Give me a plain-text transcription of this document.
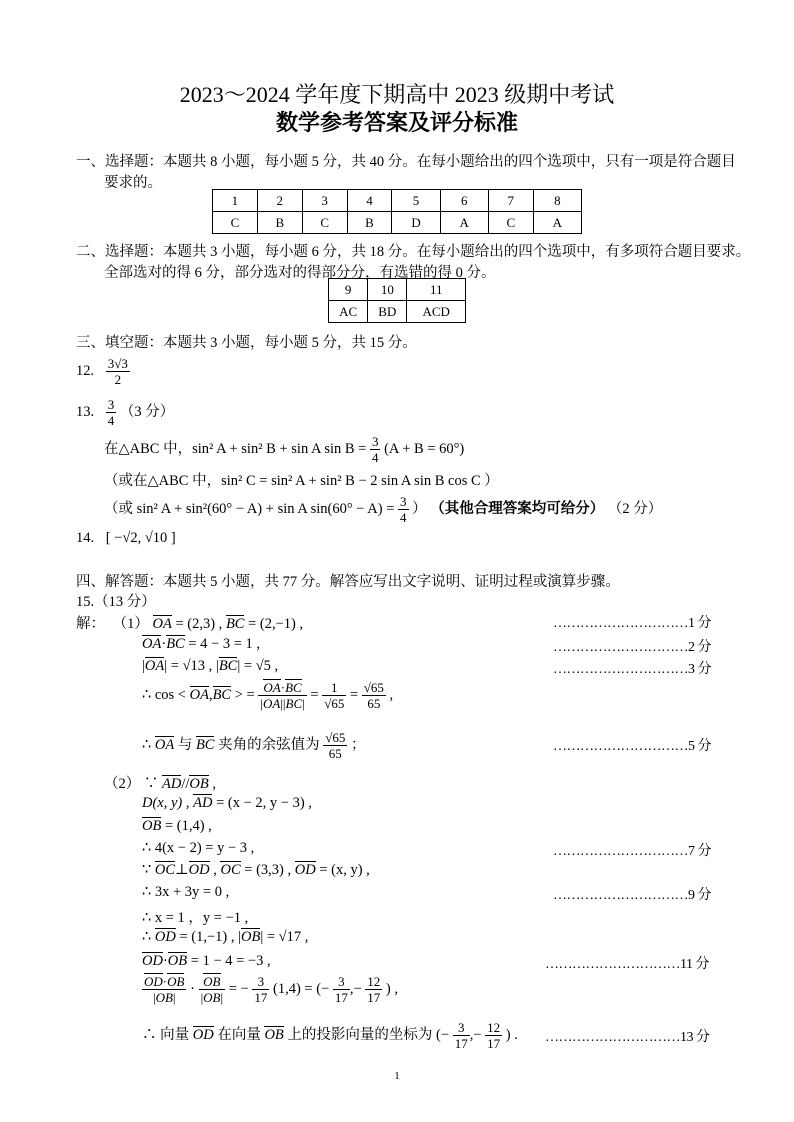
2023～2024 学年度下期高中 2023 级期中考试
数学参考答案及评分标准
一、选择题：本题共 8 小题，每小题 5 分，共 40 分。在每小题给出的四个选项中，只有一项是符合题目
要求的。
1	2	3	4	5	6	7	8
C	B	C	B	D	A	C	A
二、选择题：本题共 3 小题，每小题 6 分，共 18 分。在每小题给出的四个选项中，有多项符合题目要求。
全部选对的得 6 分，部分选对的得部分分，有选错的得 0 分。
9	10	11
AC	BD	ACD
三、填空题：本题共 3 小题，每小题 5 分，共 15 分。
12. $\frac{3√3}{2}$
13. $\frac{3}{4} (3$ 分）
在△ABC 中，sin² A + sin² B + sin A $\sin B = \frac{3}{4} (A + B = 60^\circ)$
（或在△ABC 中，sin² C = sin² A + sin² B − 2 sin A sin B cos C ）
（或 sin² A + sin²(60° − A) + sin A $\sin(60^\circ - A) = \frac{3}{4}$ ） （其他合理答案均可给分） （2 分）
14. [ −√2, √10 ]
四、解答题：本题共 5 小题，共 77 分。解答应写出文字说明、证明过程或演算步骤。
15.（13 分）
解： （1） OA = (2,3) , BC = (2,−1) ,	…………………………1 分
OA·BC = 4 − 3 = 1 ,	…………………………2 分
|OA| = √13 , |BC| = √5 ,	…………………………3 分
∴ cos < OA,BC > = $\frac{OA\cdot BC}{|OA||BC|} = \frac{1}{√65} = \frac{√65}{65}$ ,
∴ OA 与 BC 夹角的余弦值为 $\frac{√65}{65}$ ；	…………………………5 分
（2） ∵ AD//OB ,
D(x, y) , AD = (x − 2, y − 3) ,
OB = (1,4) ,
∴ 4(x − 2) = y − 3 ,	…………………………7 分
∵ OC⊥OD , OC = (3,3) , OD = (x, y) ,
∴ 3x + 3y = 0 ,	…………………………9 分
∴ x = 1 ，y = −1 ,
∴ OD = (1,−1) , |OB| = √17 ,
OD·OB = 1 − 4 = −3 ,	…………………………11 分
$\frac{OD\cdot OB}{|OB|} \cdot \frac{OB}{|OB|}$ = − $\frac{3}{17} (1,4)$ = (− $\frac{3}{17}$ ,− $\frac{12}{17}$ ) ,
∴ 向量 OD 在向量 OB 上的投影向量的坐标为 (− $\frac{3}{17}$ ,− $\frac{12}{17}$ ) . …………………………13 分
1
